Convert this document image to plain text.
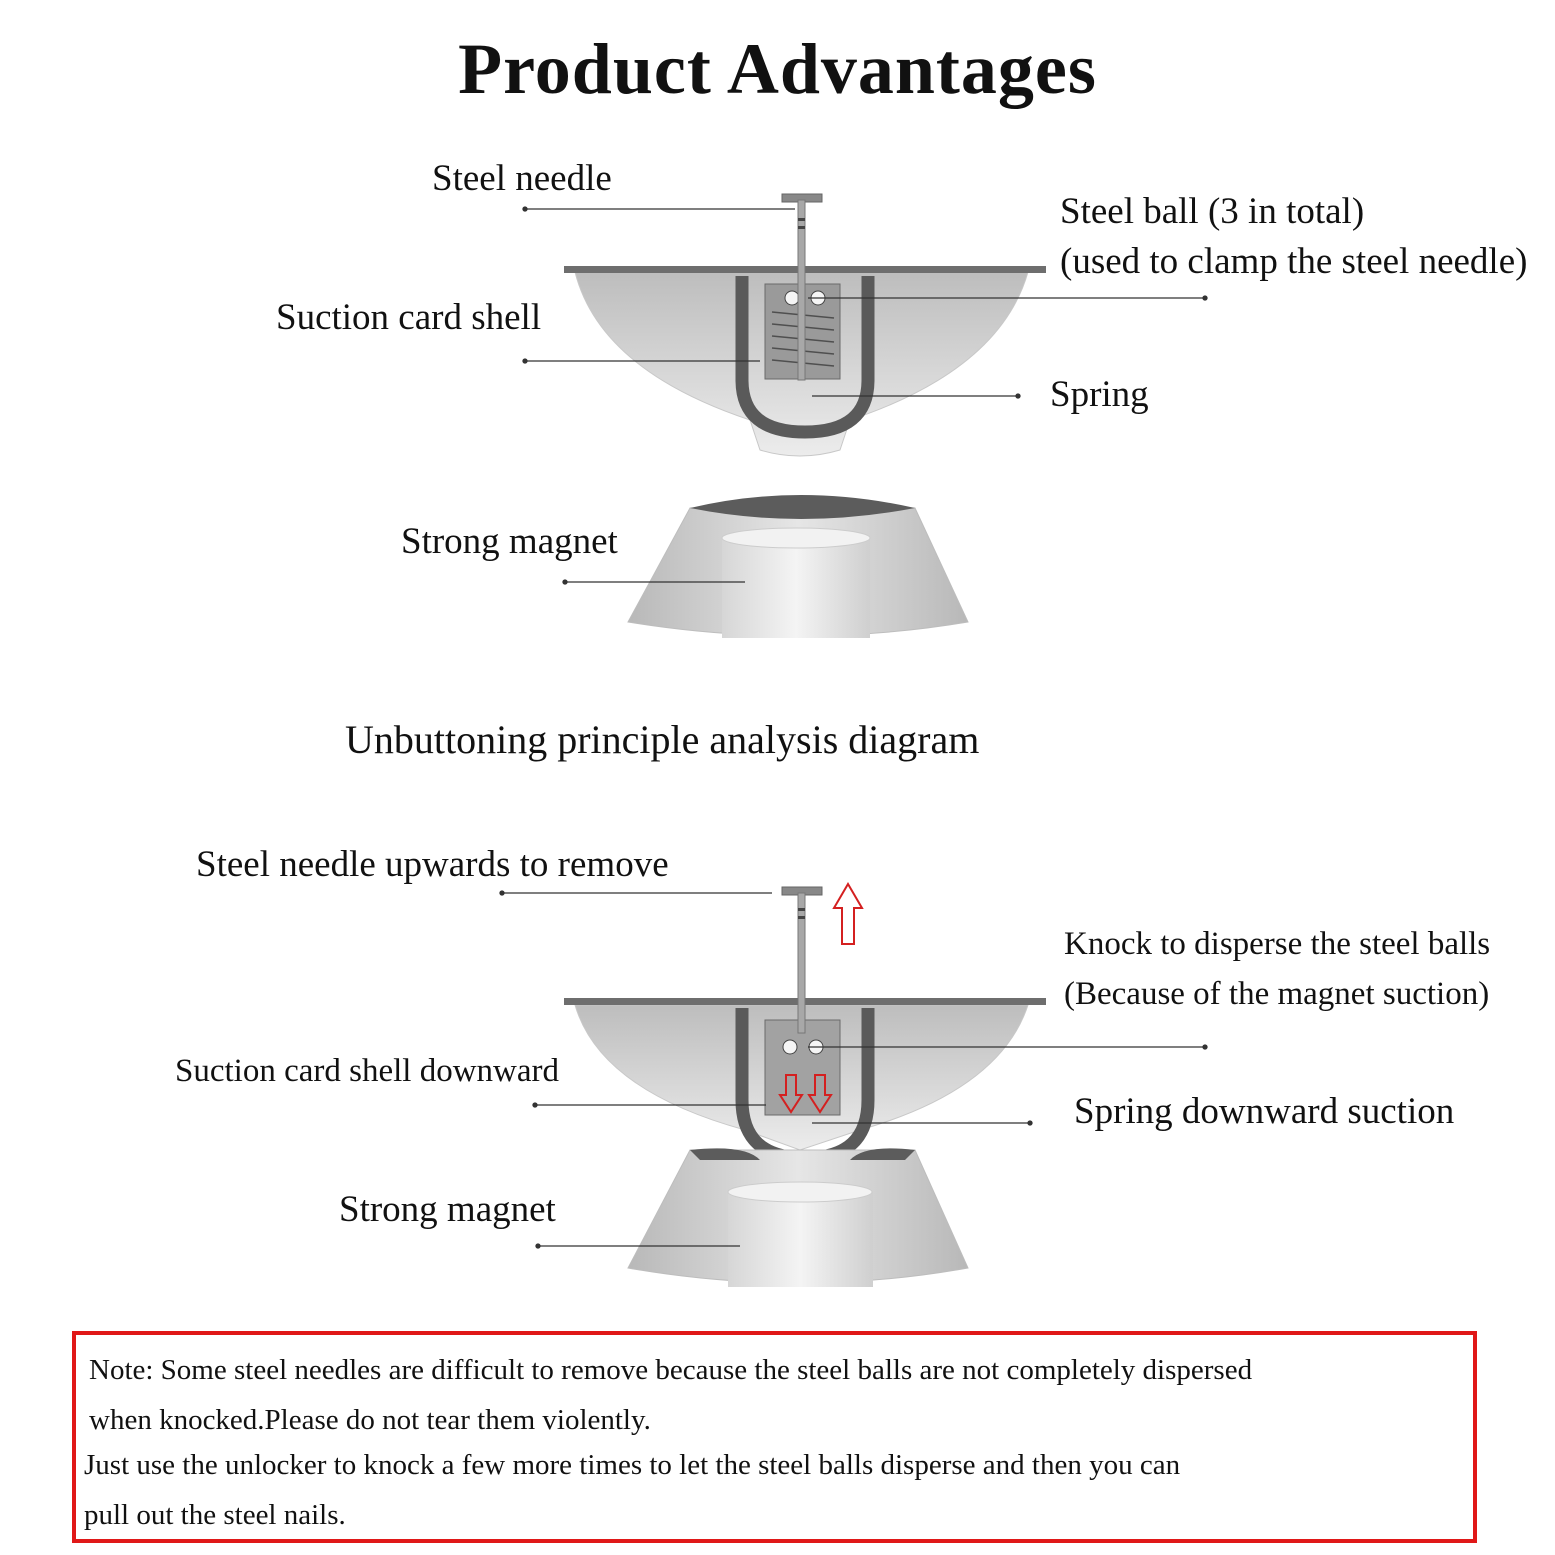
Product Advantages
Steel needle
Steel ball (3 in total)
(used to clamp the steel needle)
Suction card shell
Spring
Strong magnet
Unbuttoning principle analysis diagram
Steel needle upwards to remove
Knock to disperse the steel balls
(Because of the magnet suction)
Suction card shell downward
Spring downward suction
Strong magnet
Note: Some steel needles are difficult to remove because the steel balls are not completely dispersed
when knocked.Please do not tear them violently.
Just use the unlocker to knock a few more times to let the steel balls disperse and then you can
pull out the steel nails.
